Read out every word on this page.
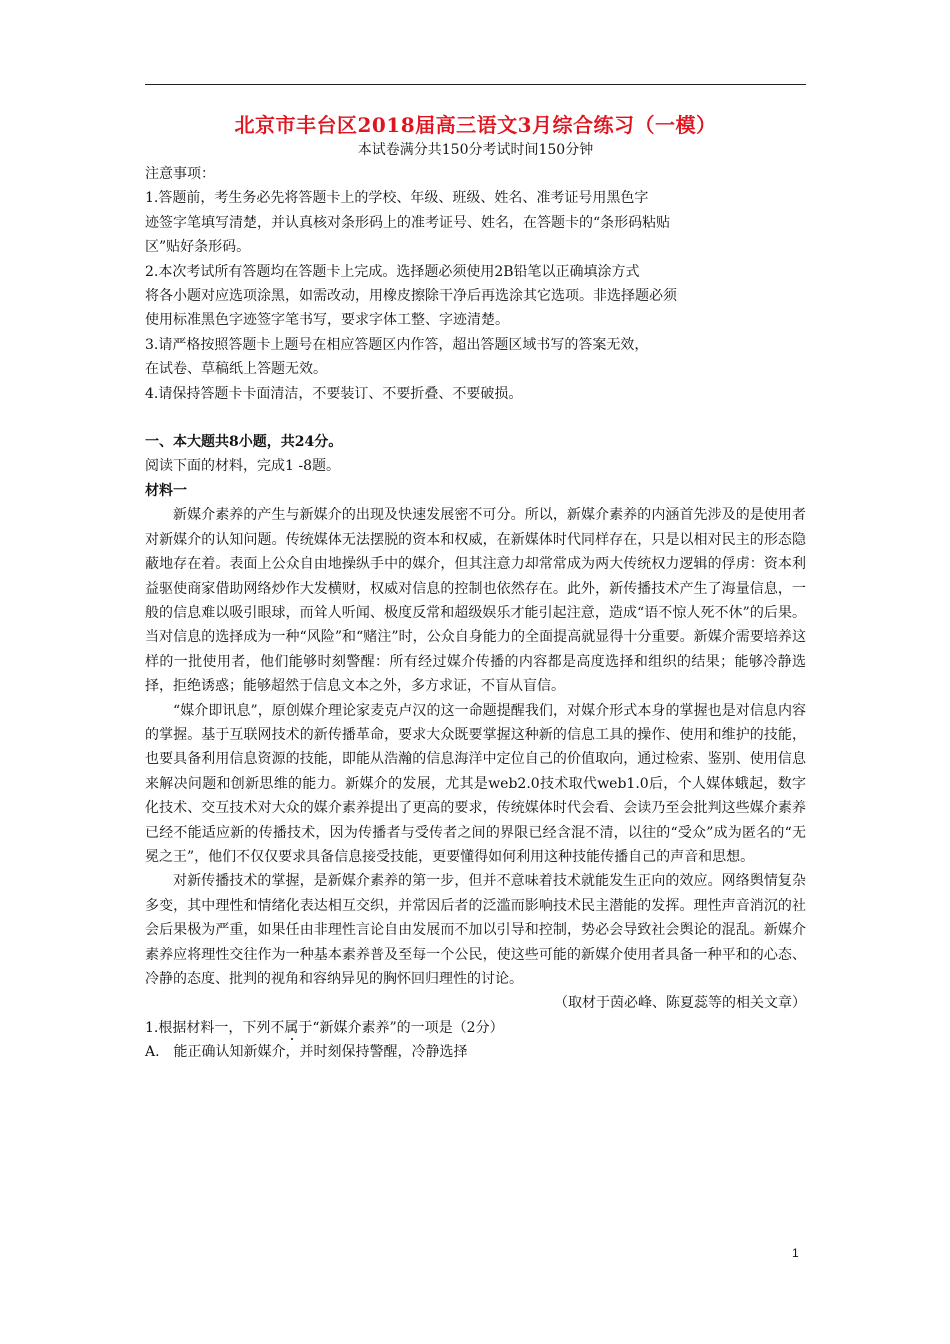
北京市丰台区2018届高三语文3月综合练习（一模）
本试卷满分共150分考试时间150分钟
注意事项：
1.答题前，考生务必先将答题卡上的学校、年级、班级、姓名、准考证号用黑色字
迹签字笔填写清楚，并认真核对条形码上的准考证号、姓名，在答题卡的“条形码粘贴
区”贴好条形码。
2.本次考试所有答题均在答题卡上完成。选择题必须使用2B铅笔以正确填涂方式
将各小题对应选项涂黑，如需改动，用橡皮擦除干净后再选涂其它选项。非选择题必须
使用标准黑色字迹签字笔书写，要求字体工整、字迹清楚。
3.请严格按照答题卡上题号在相应答题区内作答，超出答题区域书写的答案无效，
在试卷、草稿纸上答题无效。
4.请保持答题卡卡面清洁，不要装订、不要折叠、不要破损。
一、本大题共8小题，共24分。
阅读下面的材料，完成1 -8题。
材料一
新媒介素养的产生与新媒介的出现及快速发展密不可分。所以，新媒介素养的内涵首先涉及的是使用者对新媒介的认知问题。传统媒体无法摆脱的资本和权威，在新媒体时代同样存在，只是以相对民主的形态隐蔽地存在着。表面上公众自由地操纵手中的媒介，但其注意力却常常成为两大传统权力逻辑的俘虏：资本利益驱使商家借助网络炒作大发横财，权威对信息的控制也依然存在。此外，新传播技术产生了海量信息，一般的信息难以吸引眼球，而耸人听闻、极度反常和超级娱乐才能引起注意，造成“语不惊人死不休”的后果。当对信息的选择成为一种“风险”和“赌注”时，公众自身能力的全面提高就显得十分重要。新媒介需要培养这样的一批使用者，他们能够时刻警醒：所有经过媒介传播的内容都是高度选择和组织的结果；能够冷静选择，拒绝诱惑；能够超然于信息文本之外，多方求证，不盲从盲信。
“媒介即讯息”，原创媒介理论家麦克卢汉的这一命题提醒我们，对媒介形式本身的掌握也是对信息内容的掌握。基于互联网技术的新传播革命，要求大众既要掌握这种新的信息工具的操作、使用和维护的技能，也要具备利用信息资源的技能，即能从浩瀚的信息海洋中定位自己的价值取向，通过检索、鉴别、使用信息来解决问题和创新思维的能力。新媒介的发展，尤其是web2.0技术取代web1.0后，个人媒体蛾起，数字化技术、交互技术对大众的媒介素养提出了更高的要求，传统媒体时代会看、会读乃至会批判这些媒介素养已经不能适应新的传播技术，因为传播者与受传者之间的界限已经含混不清，以往的“受众”成为匿名的“无冕之王”，他们不仅仅要求具备信息接受技能，更要懂得如何利用这种技能传播自己的声音和思想。
对新传播技术的掌握，是新媒介素养的第一步，但并不意味着技术就能发生正向的效应。网络舆情复杂多变，其中理性和情绪化表达相互交织，并常因后者的泛滥而影响技术民主潜能的发挥。理性声音消沉的社会后果极为严重，如果任由非理性言论自由发展而不加以引导和控制，势必会导致社会舆论的混乱。新媒介素养应将理性交往作为一种基本素养普及至每一个公民，使这些可能的新媒介使用者具备一种平和的心态、冷静的态度、批判的视角和容纳异见的胸怀回归理性的讨论。
（取材于茵必峰、陈夏蕊等的相关文章）
1.根据材料一，下列不属于“新媒介素养”的一项是（2分）
A.　能正确认知新媒介，并时刻保持警醒，冷静选择
1
